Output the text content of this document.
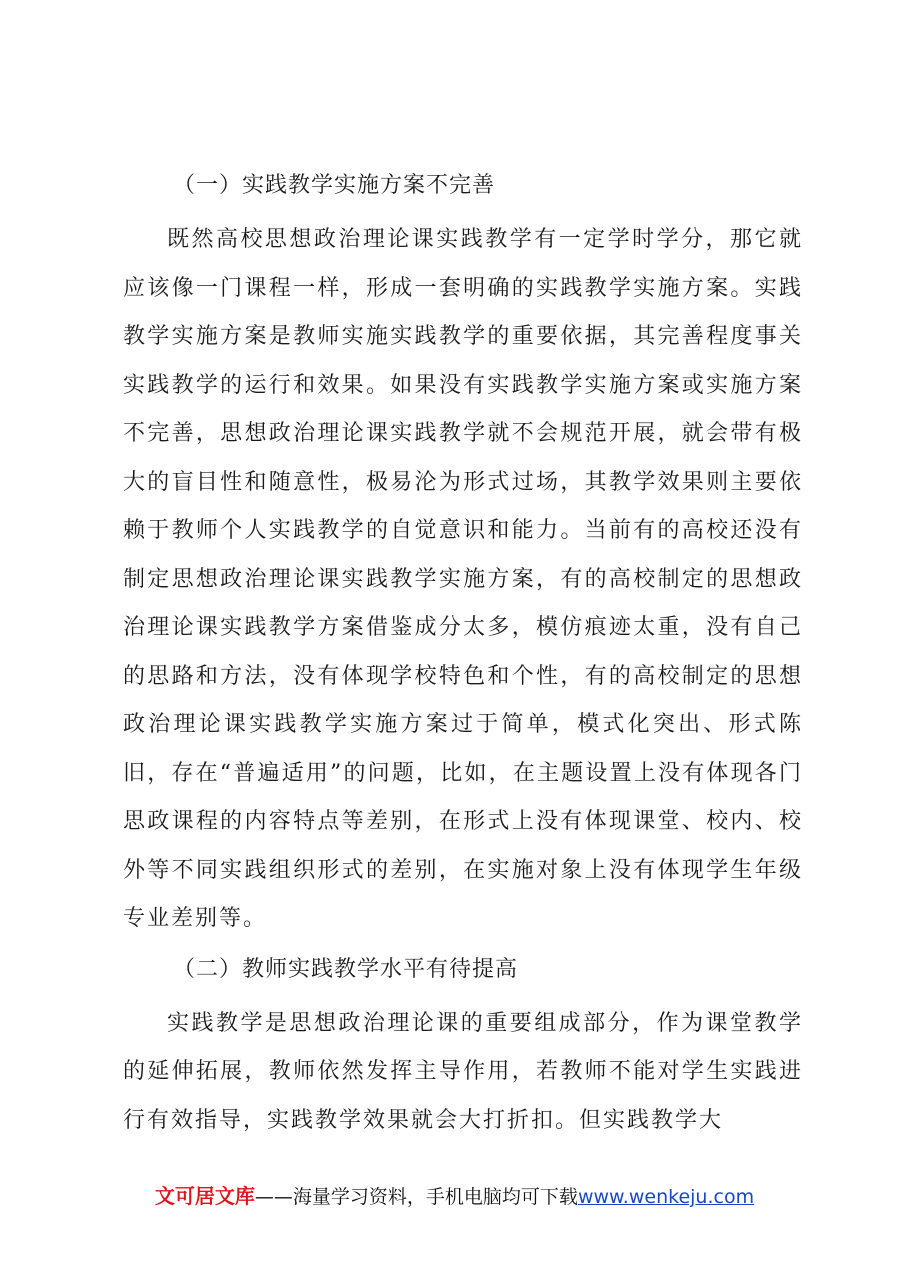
（一）实践教学实施方案不完善

既然高校思想政治理论课实践教学有一定学时学分，那它就应该像一门课程一样，形成一套明确的实践教学实施方案。实践教学实施方案是教师实施实践教学的重要依据，其完善程度事关实践教学的运行和效果。如果没有实践教学实施方案或实施方案不完善，思想政治理论课实践教学就不会规范开展，就会带有极大的盲目性和随意性，极易沦为形式过场，其教学效果则主要依赖于教师个人实践教学的自觉意识和能力。当前有的高校还没有制定思想政治理论课实践教学实施方案，有的高校制定的思想政治理论课实践教学方案借鉴成分太多，模仿痕迹太重，没有自己的思路和方法，没有体现学校特色和个性，有的高校制定的思想政治理论课实践教学实施方案过于简单，模式化突出、形式陈旧，存在“普遍适用”的问题，比如，在主题设置上没有体现各门思政课程的内容特点等差别，在形式上没有体现课堂、校内、校外等不同实践组织形式的差别，在实施对象上没有体现学生年级专业差别等。

（二）教师实践教学水平有待提高

实践教学是思想政治理论课的重要组成部分，作为课堂教学的延伸拓展，教师依然发挥主导作用，若教师不能对学生实践进行有效指导，实践教学效果就会大打折扣。但实践教学大

文可居文库——海量学习资料，手机电脑均可下载www.wenkeju.com
